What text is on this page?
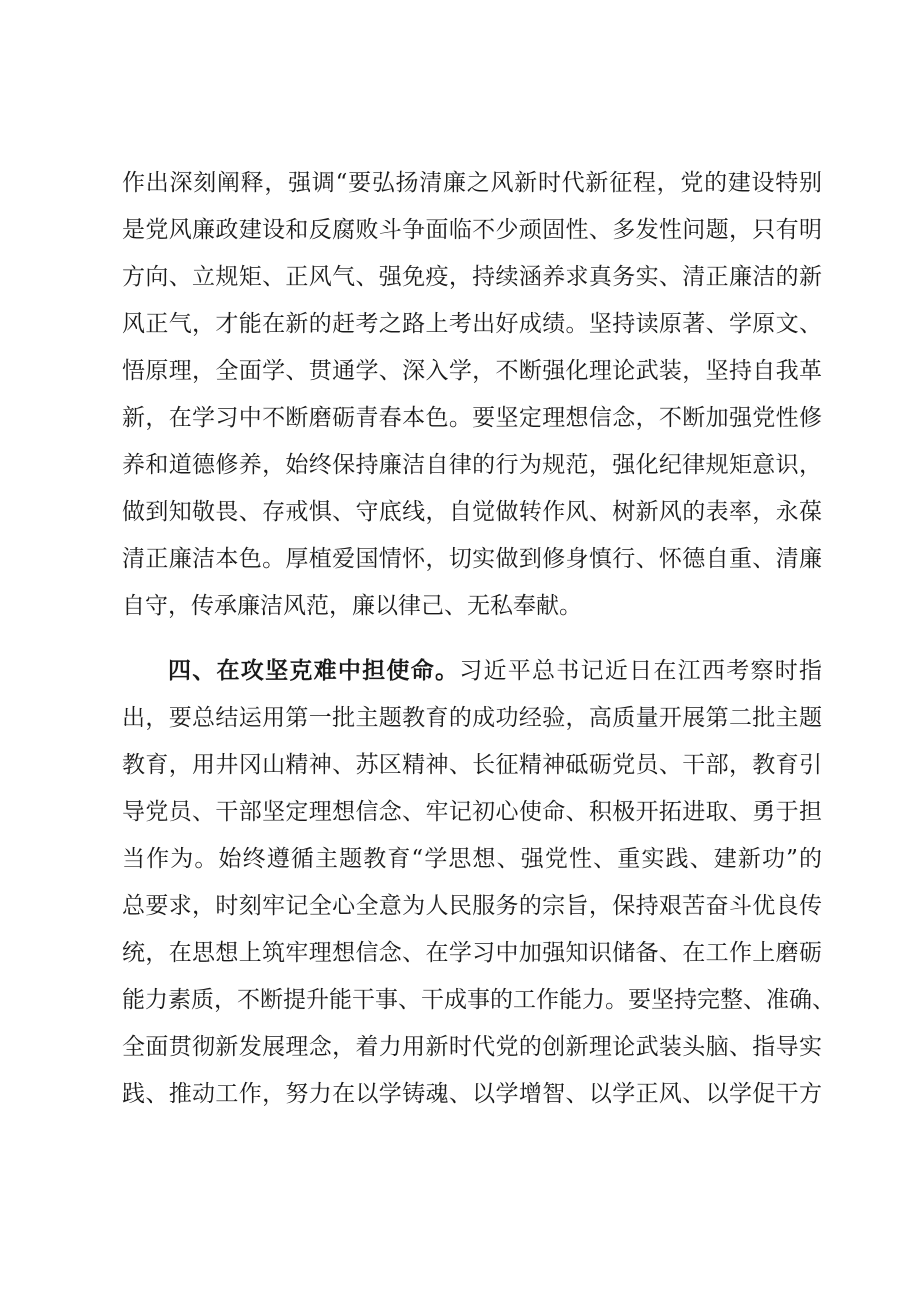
作出深刻阐释，强调“要弘扬清廉之风新时代新征程，党的建设特别
是党风廉政建设和反腐败斗争面临不少顽固性、多发性问题，只有明
方向、立规矩、正风气、强免疫，持续涵养求真务实、清正廉洁的新
风正气，才能在新的赶考之路上考出好成绩。坚持读原著、学原文、
悟原理，全面学、贯通学、深入学，不断强化理论武装，坚持自我革
新，在学习中不断磨砺青春本色。要坚定理想信念，不断加强党性修
养和道德修养，始终保持廉洁自律的行为规范，强化纪律规矩意识，
做到知敬畏、存戒惧、守底线，自觉做转作风、树新风的表率，永葆
清正廉洁本色。厚植爱国情怀，切实做到修身慎行、怀德自重、清廉
自守，传承廉洁风范，廉以律己、无私奉献。
四、在攻坚克难中担使命。习近平总书记近日在江西考察时指
出，要总结运用第一批主题教育的成功经验，高质量开展第二批主题
教育，用井冈山精神、苏区精神、长征精神砥砺党员、干部，教育引
导党员、干部坚定理想信念、牢记初心使命、积极开拓进取、勇于担
当作为。始终遵循主题教育“学思想、强党性、重实践、建新功”的
总要求，时刻牢记全心全意为人民服务的宗旨，保持艰苦奋斗优良传
统，在思想上筑牢理想信念、在学习中加强知识储备、在工作上磨砺
能力素质，不断提升能干事、干成事的工作能力。要坚持完整、准确、
全面贯彻新发展理念，着力用新时代党的创新理论武装头脑、指导实
践、推动工作，努力在以学铸魂、以学增智、以学正风、以学促干方
